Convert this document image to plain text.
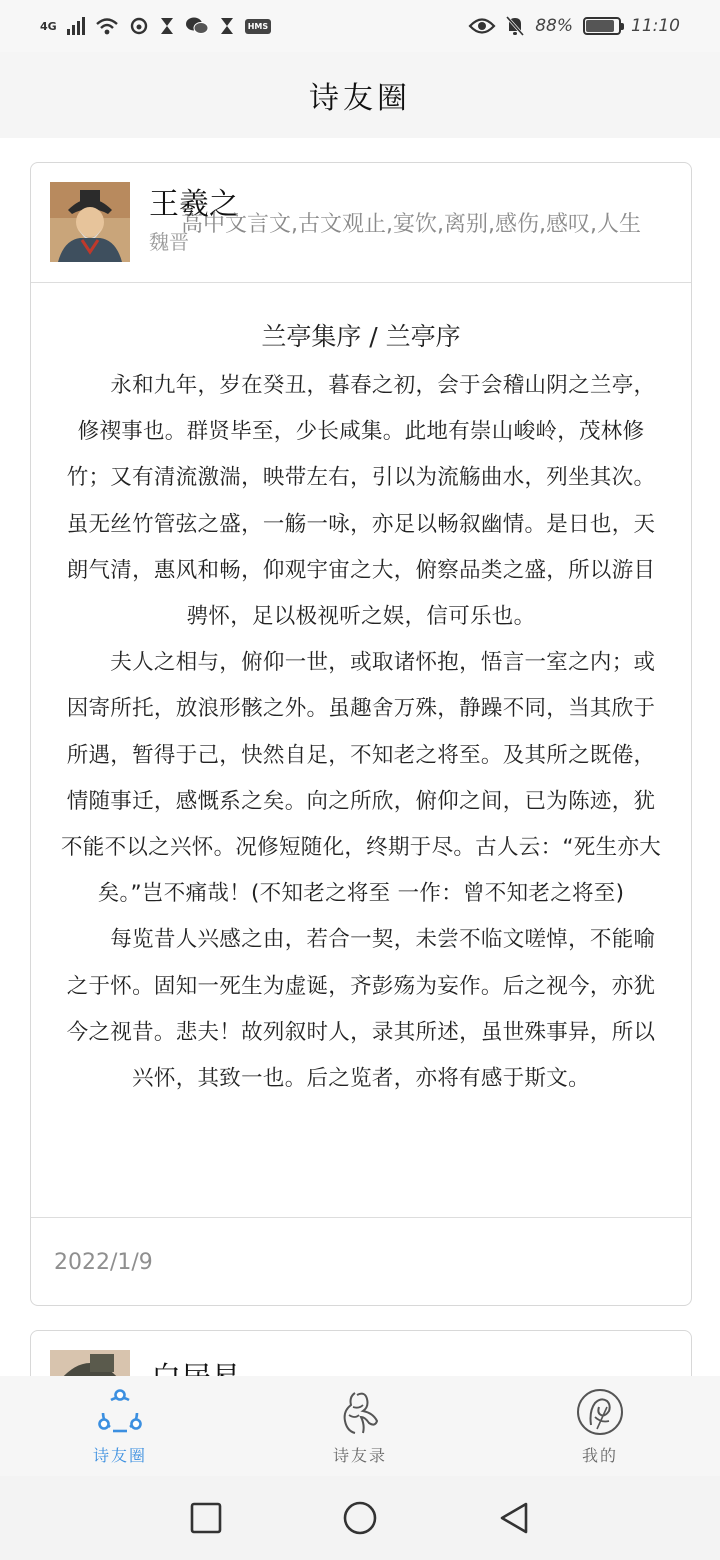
4G	HMS	88%	11:10
诗友圈
王羲之
魏晋
高中文言文,古文观止,宴饮,离别,感伤,感叹,人生
兰亭集序 / 兰亭序

　　永和九年，岁在癸丑，暮春之初，会于会稽山阴之兰亭，修禊事也。群贤毕至，少长咸集。此地有崇山峻岭，茂林修竹；又有清流激湍，映带左右，引以为流觞曲水，列坐其次。虽无丝竹管弦之盛，一觞一咏，亦足以畅叙幽情。是日也，天朗气清，惠风和畅，仰观宇宙之大，俯察品类之盛，所以游目骋怀，足以极视听之娱，信可乐也。

　　夫人之相与，俯仰一世，或取诸怀抱，悟言一室之内；或因寄所托，放浪形骸之外。虽趣舍万殊，静躁不同，当其欣于所遇，暂得于己，快然自足，不知老之将至。及其所之既倦，情随事迁，感慨系之矣。向之所欣，俯仰之间，已为陈迹，犹不能不以之兴怀。况修短随化，终期于尽。古人云：“死生亦大矣。”岂不痛哉！(不知老之将至 一作：曾不知老之将至)

　　每览昔人兴感之由，若合一契，未尝不临文嗟悼，不能喻之于怀。固知一死生为虚诞，齐彭殇为妄作。后之视今，亦犹今之视昔。悲夫！故列叙时人，录其所述，虽世殊事异，所以兴怀，其致一也。后之览者，亦将有感于斯文。

2022/1/9
诗友圈	诗友录	我的
